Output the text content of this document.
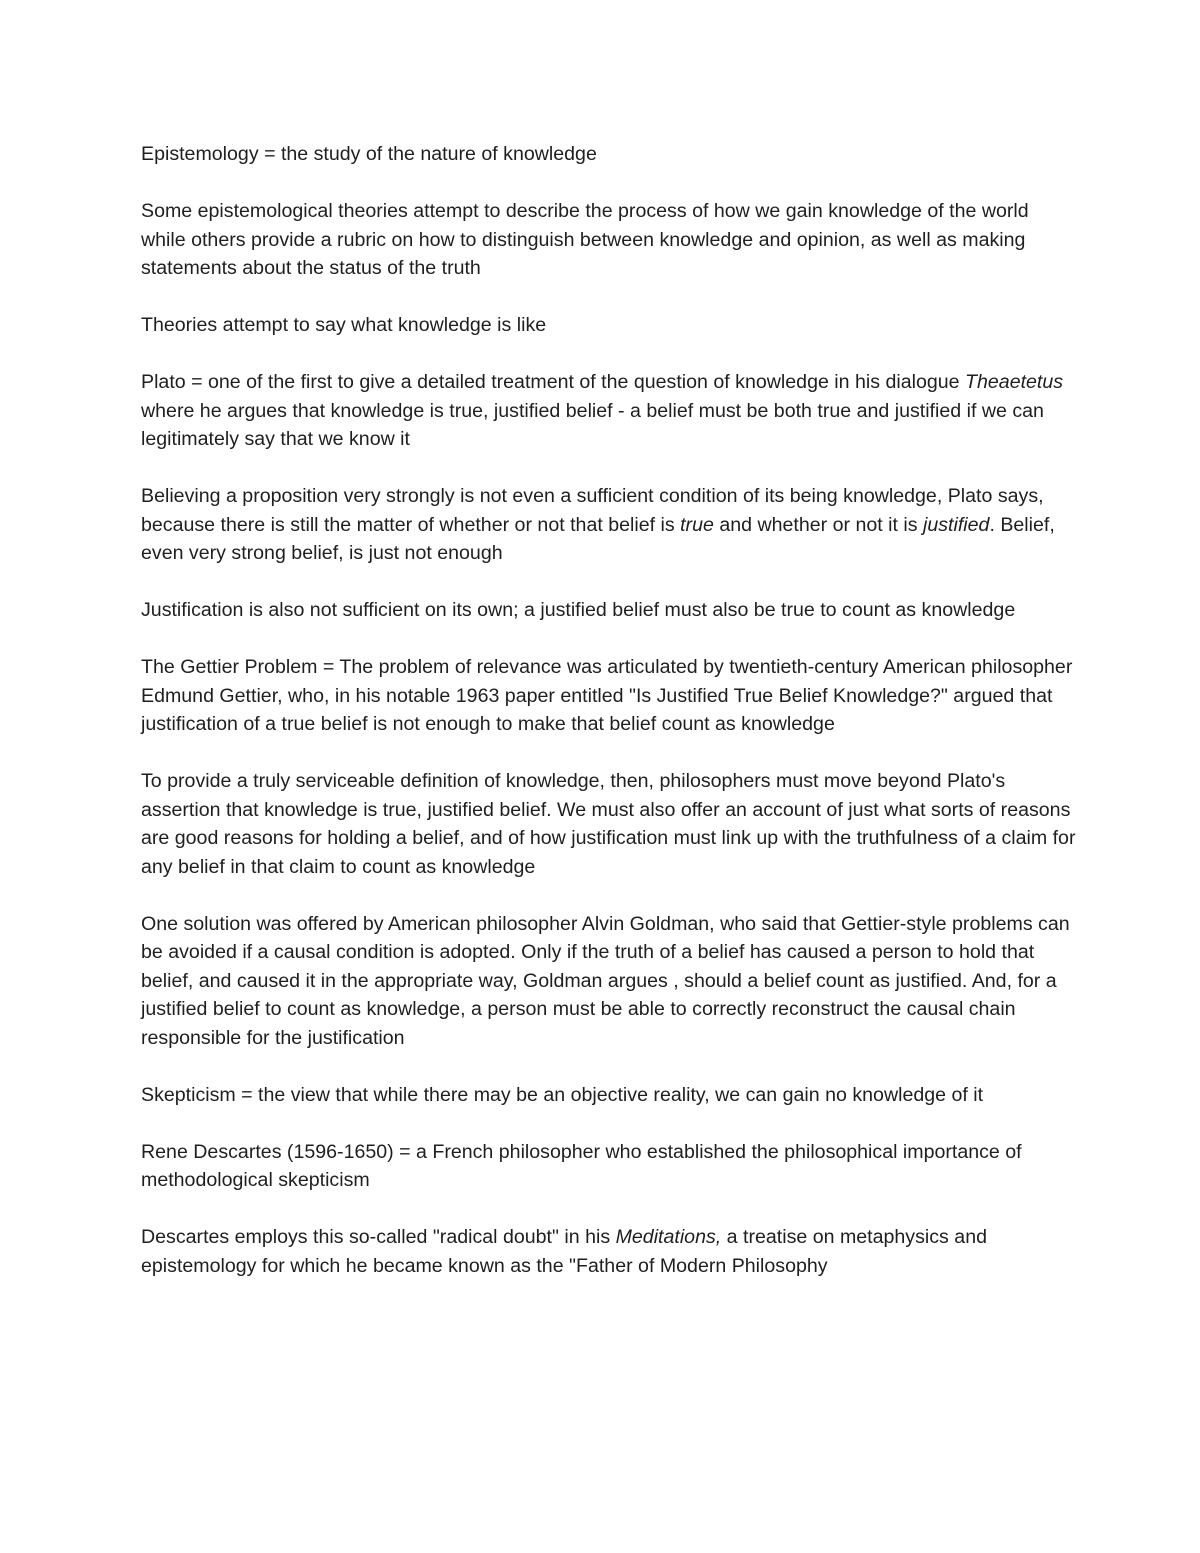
Epistemology = the study of the nature of knowledge

Some epistemological theories attempt to describe the process of how we gain knowledge of the world while others provide a rubric on how to distinguish between knowledge and opinion, as well as making statements about the status of the truth

Theories attempt to say what knowledge is like

Plato = one of the first to give a detailed treatment of the question of knowledge in his dialogue Theaetetus where he argues that knowledge is true, justified belief - a belief must be both true and justified if we can legitimately say that we know it

Believing a proposition very strongly is not even a sufficient condition of its being knowledge, Plato says, because there is still the matter of whether or not that belief is true and whether or not it is justified. Belief, even very strong belief, is just not enough

Justification is also not sufficient on its own; a justified belief must also be true to count as knowledge

The Gettier Problem = The problem of relevance was articulated by twentieth-century American philosopher Edmund Gettier, who, in his notable 1963 paper entitled "Is Justified True Belief Knowledge?" argued that justification of a true belief is not enough to make that belief count as knowledge

To provide a truly serviceable definition of knowledge, then, philosophers must move beyond Plato's assertion that knowledge is true, justified belief. We must also offer an account of just what sorts of reasons are good reasons for holding a belief, and of how justification must link up with the truthfulness of a claim for any belief in that claim to count as knowledge

One solution was offered by American philosopher Alvin Goldman, who said that Gettier-style problems can be avoided if a causal condition is adopted. Only if the truth of a belief has caused a person to hold that belief, and caused it in the appropriate way, Goldman argues , should a belief count as justified. And, for a justified belief to count as knowledge, a person must be able to correctly reconstruct the causal chain responsible for the justification

Skepticism = the view that while there may be an objective reality, we can gain no knowledge of it

Rene Descartes (1596-1650) = a French philosopher who established the philosophical importance of methodological skepticism

Descartes employs this so-called "radical doubt" in his Meditations, a treatise on metaphysics and epistemology for which he became known as the "Father of Modern Philosophy
